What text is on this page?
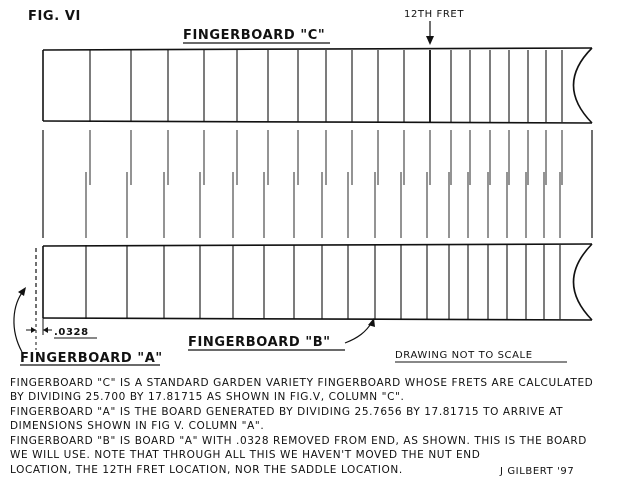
FIG. VI
FINGERBOARD "C"
12TH FRET
.0328
FINGERBOARD "A"
FINGERBOARD "B"
DRAWING NOT TO SCALE
FINGERBOARD "C" IS A STANDARD GARDEN VARIETY FINGERBOARD WHOSE FRETS ARE CALCULATED
BY DIVIDING 25.700 BY 17.81715 AS SHOWN IN FIG.V, COLUMN "C".
FINGERBOARD "A" IS THE BOARD GENERATED BY DIVIDING 25.7656 BY 17.81715 TO ARRIVE AT
DIMENSIONS SHOWN IN FIG V. COLUMN "A".
FINGERBOARD "B" IS BOARD "A" WITH .0328 REMOVED FROM END, AS SHOWN. THIS IS THE BOARD
WE WILL USE. NOTE THAT THROUGH ALL THIS WE HAVEN'T MOVED THE NUT END
LOCATION, THE 12TH FRET LOCATION, NOR THE SADDLE LOCATION.	J GILBERT '97
